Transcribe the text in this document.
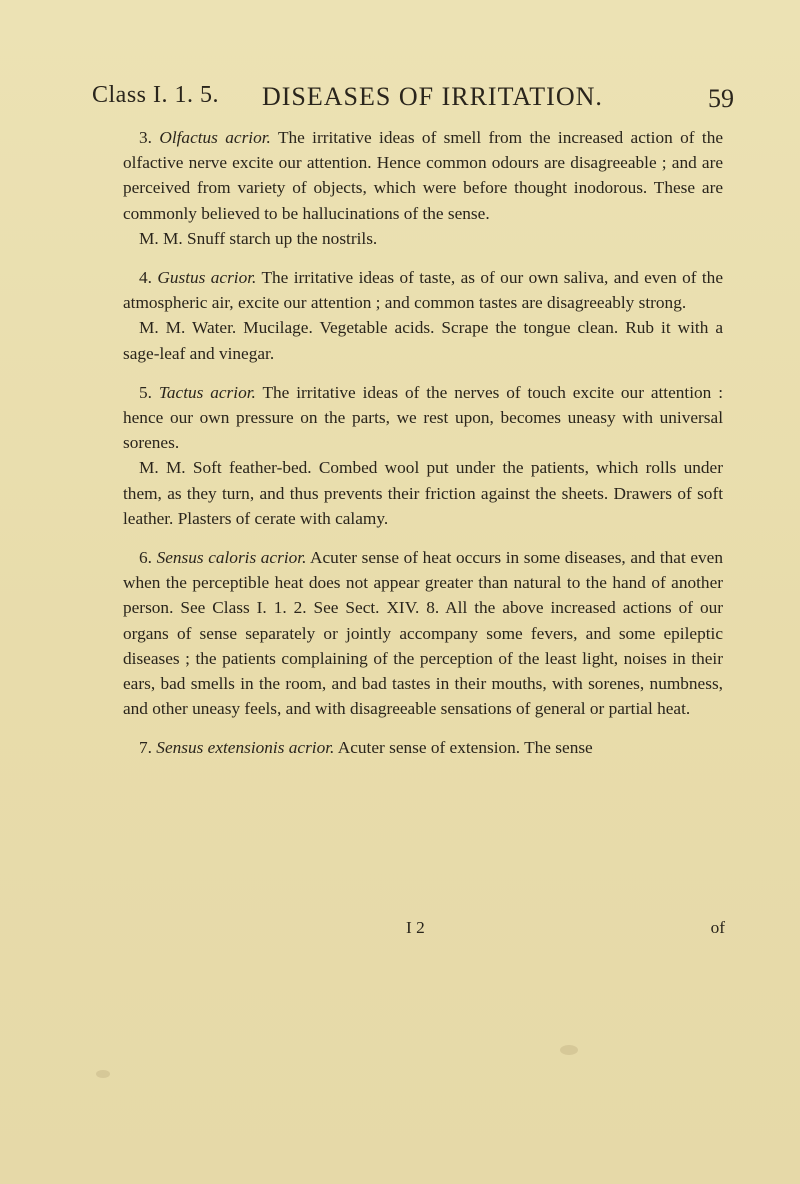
Class I. 1. 5. DISEASES OF IRRITATION.	59
3. Olfactus acrior. The irritative ideas of smell from the increased action of the olfactive nerve excite our attention. Hence common odours are disagreeable ; and are perceived from variety of objects, which were before thought inodorous. These are commonly believed to be hallucinations of the sense.
M. M. Snuff starch up the nostrils.
4. Gustus acrior. The irritative ideas of taste, as of our own saliva, and even of the atmospheric air, excite our attention ; and common tastes are disagreeably strong.
M. M. Water. Mucilage. Vegetable acids. Scrape the tongue clean. Rub it with a sage-leaf and vinegar.
5. Tactus acrior. The irritative ideas of the nerves of touch excite our attention : hence our own pressure on the parts, we rest upon, becomes uneasy with universal sorenes.
M. M. Soft feather-bed. Combed wool put under the patients, which rolls under them, as they turn, and thus prevents their friction against the sheets. Drawers of soft leather. Plasters of cerate with calamy.
6. Sensus caloris acrior. Acuter sense of heat occurs in some diseases, and that even when the perceptible heat does not appear greater than natural to the hand of another person. See Class I. 1. 2. See Sect. XIV. 8. All the above increased actions of our organs of sense separately or jointly accompany some fevers, and some epileptic diseases ; the patients complaining of the perception of the least light, noises in their ears, bad smells in the room, and bad tastes in their mouths, with sorenes, numbness, and other uneasy feels, and with disagreeable sensations of general or partial heat.
7. Sensus extensionis acrior. Acuter sense of extension. The sense
I 2	of
